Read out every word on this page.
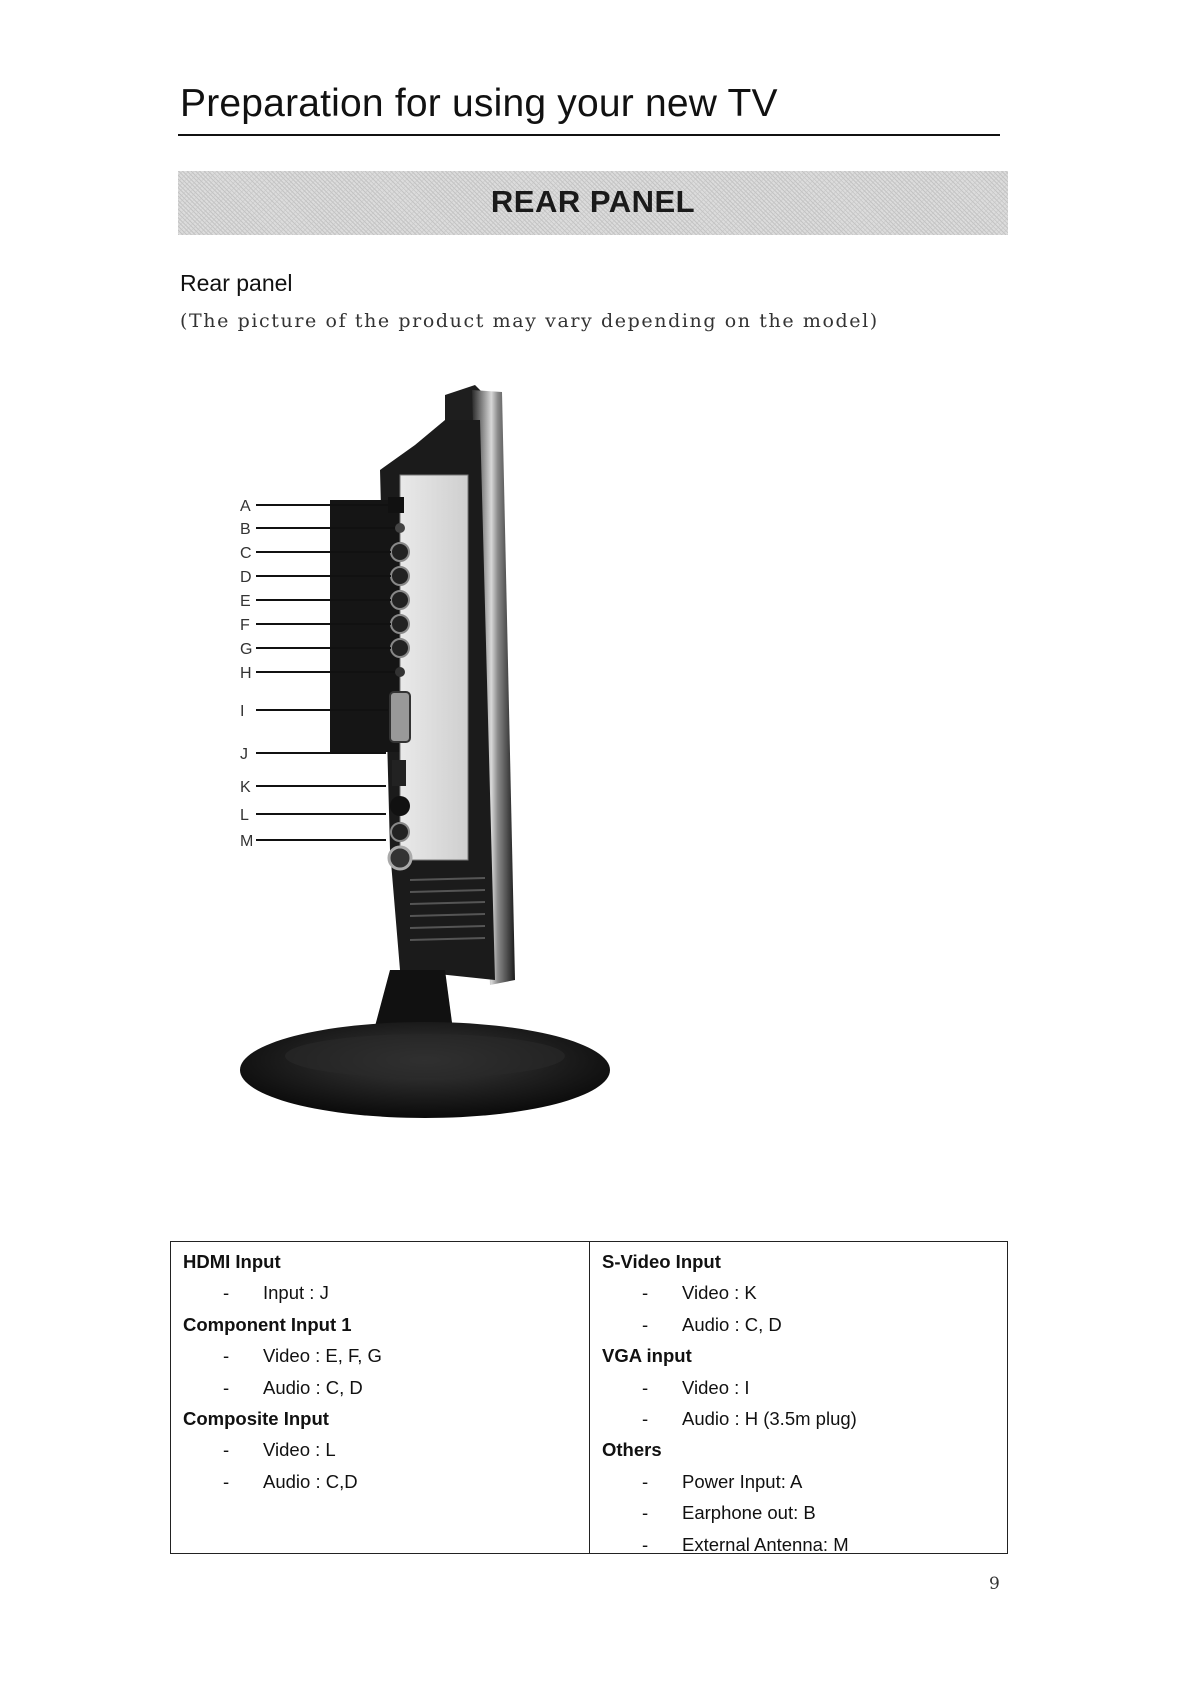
Preparation for using your new TV
REAR PANEL
Rear panel
(The picture of the product may vary depending on the model)
A
B
C
D
E
F
G
H
I
J
K
L
M
HDMI Input
- Input : J
Component Input 1
- Video : E, F, G
- Audio : C, D
Composite Input
- Video : L
- Audio : C,D
S-Video Input
- Video : K
- Audio : C, D
VGA input
- Video : I
- Audio : H (3.5m plug)
Others
- Power Input: A
- Earphone out: B
- External Antenna: M
9
